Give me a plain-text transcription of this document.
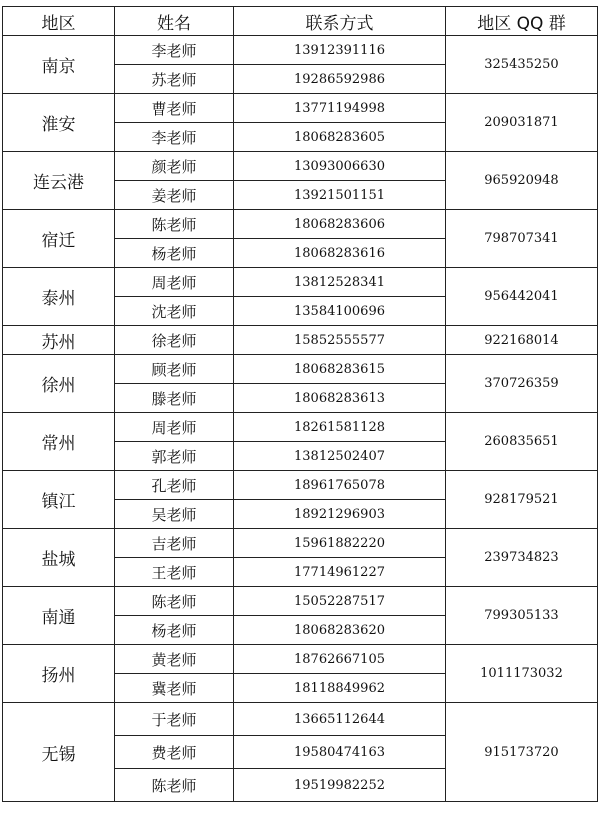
地区	姓名	联系方式	地区 QQ 群
南京	李老师	13912391116	325435250
	苏老师	19286592986	
淮安	曹老师	13771194998	209031871
	李老师	18068283605	
连云港	颜老师	13093006630	965920948
	姜老师	13921501151	
宿迁	陈老师	18068283606	798707341
	杨老师	18068283616	
泰州	周老师	13812528341	956442041
	沈老师	13584100696	
苏州	徐老师	15852555577	922168014
徐州	顾老师	18068283615	370726359
	滕老师	18068283613	
常州	周老师	18261581128	260835651
	郭老师	13812502407	
镇江	孔老师	18961765078	928179521
	吴老师	18921296903	
盐城	吉老师	15961882220	239734823
	王老师	17714961227	
南通	陈老师	15052287517	799305133
	杨老师	18068283620	
扬州	黄老师	18762667105	1011173032
	冀老师	18118849962	
无锡	于老师	13665112644	915173720
	费老师	19580474163	
	陈老师	19519982252	
